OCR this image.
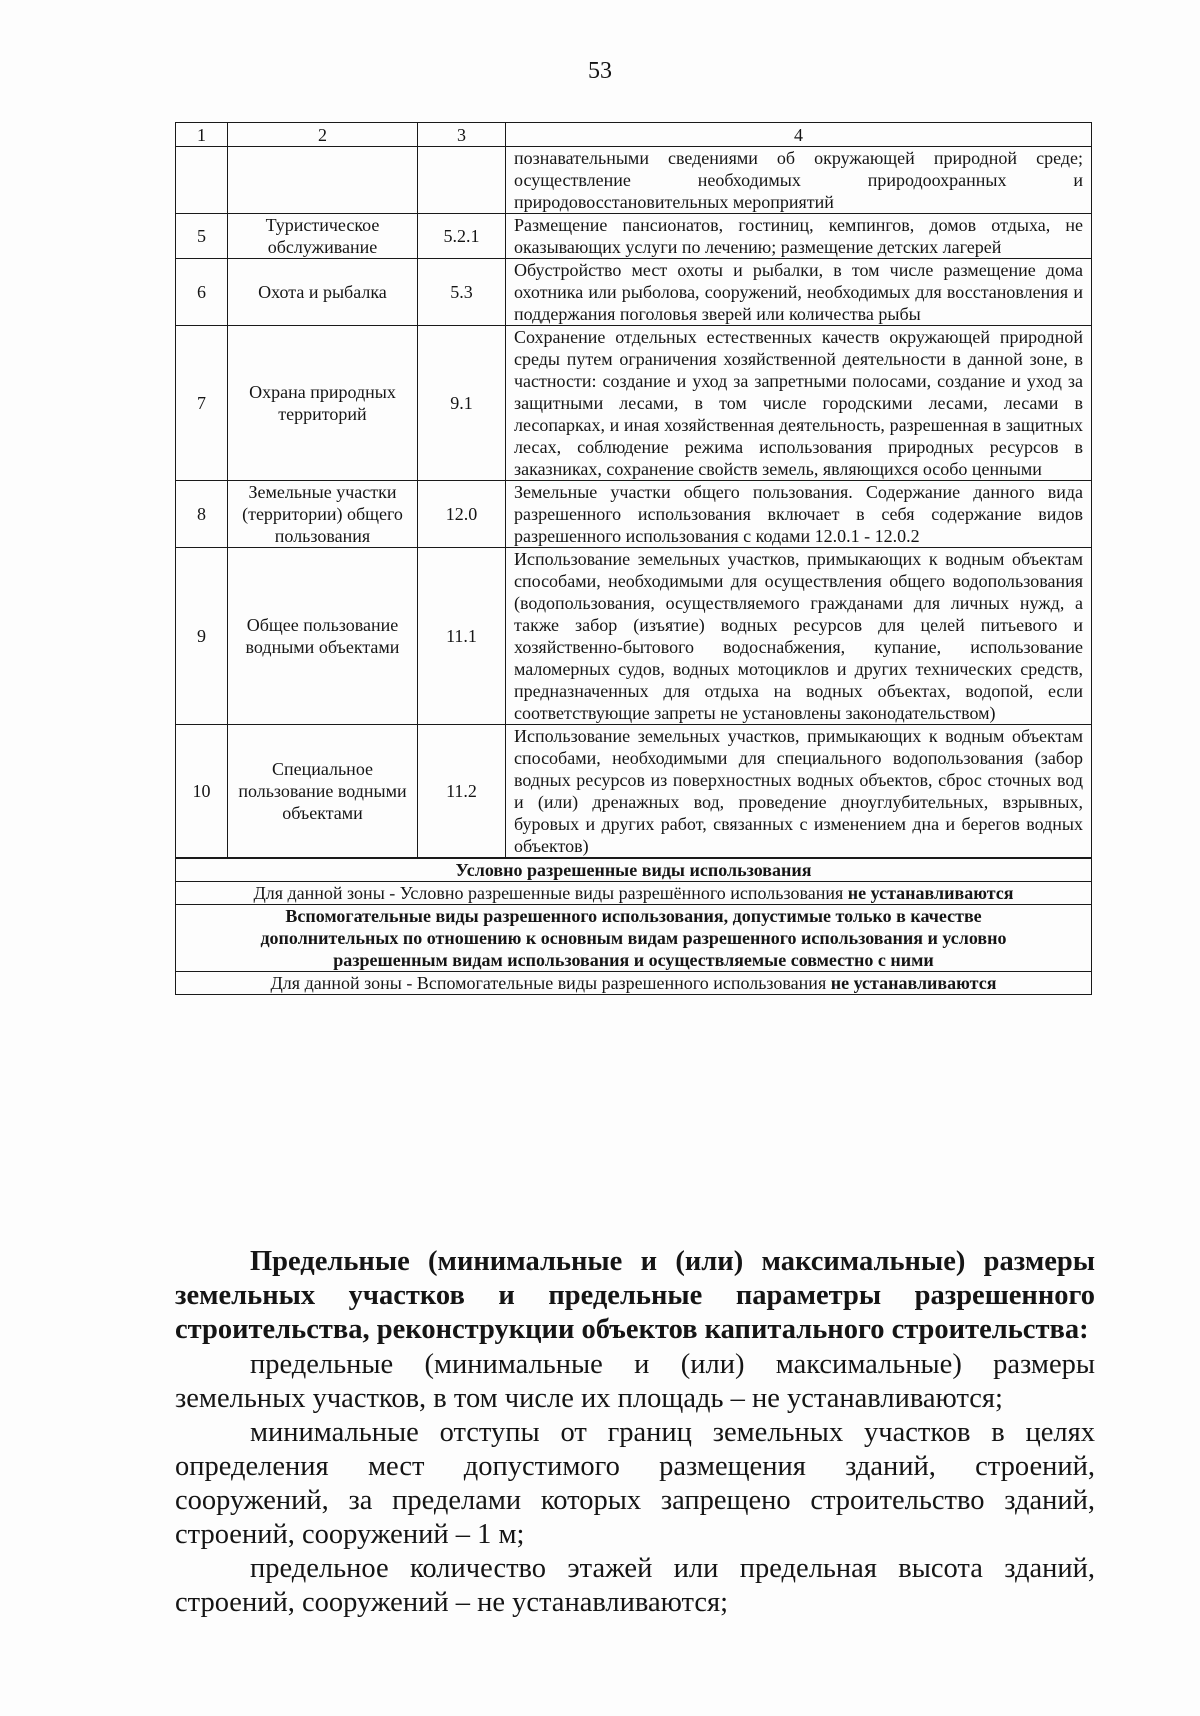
53
1	2	3	4
			познавательными сведениями об окружающей природной среде; осуществление необходимых природоохранных и природовосстановительных мероприятий
5	Туристическое обслуживание	5.2.1	Размещение пансионатов, гостиниц, кемпингов, домов отдыха, не оказывающих услуги по лечению; размещение детских лагерей
6	Охота и рыбалка	5.3	Обустройство мест охоты и рыбалки, в том числе размещение дома охотника или рыболова, сооружений, необходимых для восстановления и поддержания поголовья зверей или количества рыбы
7	Охрана природных территорий	9.1	Сохранение отдельных естественных качеств окружающей природной среды путем ограничения хозяйственной деятельности в данной зоне, в частности: создание и уход за запретными полосами, создание и уход за защитными лесами, в том числе городскими лесами, лесами в лесопарках, и иная хозяйственная деятельность, разрешенная в защитных лесах, соблюдение режима использования природных ресурсов в заказниках, сохранение свойств земель, являющихся особо ценными
8	Земельные участки (территории) общего пользования	12.0	Земельные участки общего пользования. Содержание данного вида разрешенного использования включает в себя содержание видов разрешенного использования с кодами 12.0.1 - 12.0.2
9	Общее пользование водными объектами	11.1	Использование земельных участков, примыкающих к водным объектам способами, необходимыми для осуществления общего водопользования (водопользования, осуществляемого гражданами для личных нужд, а также забор (изъятие) водных ресурсов для целей питьевого и хозяйственно-бытового водоснабжения, купание, использование маломерных судов, водных мотоциклов и других технических средств, предназначенных для отдыха на водных объектах, водопой, если соответствующие запреты не установлены законодательством)
10	Специальное пользование водными объектами	11.2	Использование земельных участков, примыкающих к водным объектам способами, необходимыми для специального водопользования (забор водных ресурсов из поверхностных водных объектов, сброс сточных вод и (или) дренажных вод, проведение дноуглубительных, взрывных, буровых и других работ, связанных с изменением дна и берегов водных объектов)

Условно разрешенные виды использования			
Для данной зоны - Условно разрешенные виды разрешённого использования не устанавливаются			
Вспомогательные виды разрешенного использования, допустимые только в качестве дополнительных по отношению к основным видам разрешенного использования и условно разрешенным видам использования и осуществляемые совместно с ними			
Для данной зоны - Вспомогательные виды разрешенного использования не устанавливаются			

Предельные (минимальные и (или) максимальные) размеры земельных участков и предельные параметры разрешенного строительства, реконструкции объектов капитального строительства:

предельные (минимальные и (или) максимальные) размеры земельных участков, в том числе их площадь – не устанавливаются;

минимальные отступы от границ земельных участков в целях определения мест допустимого размещения зданий, строений, сооружений, за пределами которых запрещено строительство зданий, строений, сооружений – 1 м;

предельное количество этажей или предельная высота зданий, строений, сооружений – не устанавливаются;
